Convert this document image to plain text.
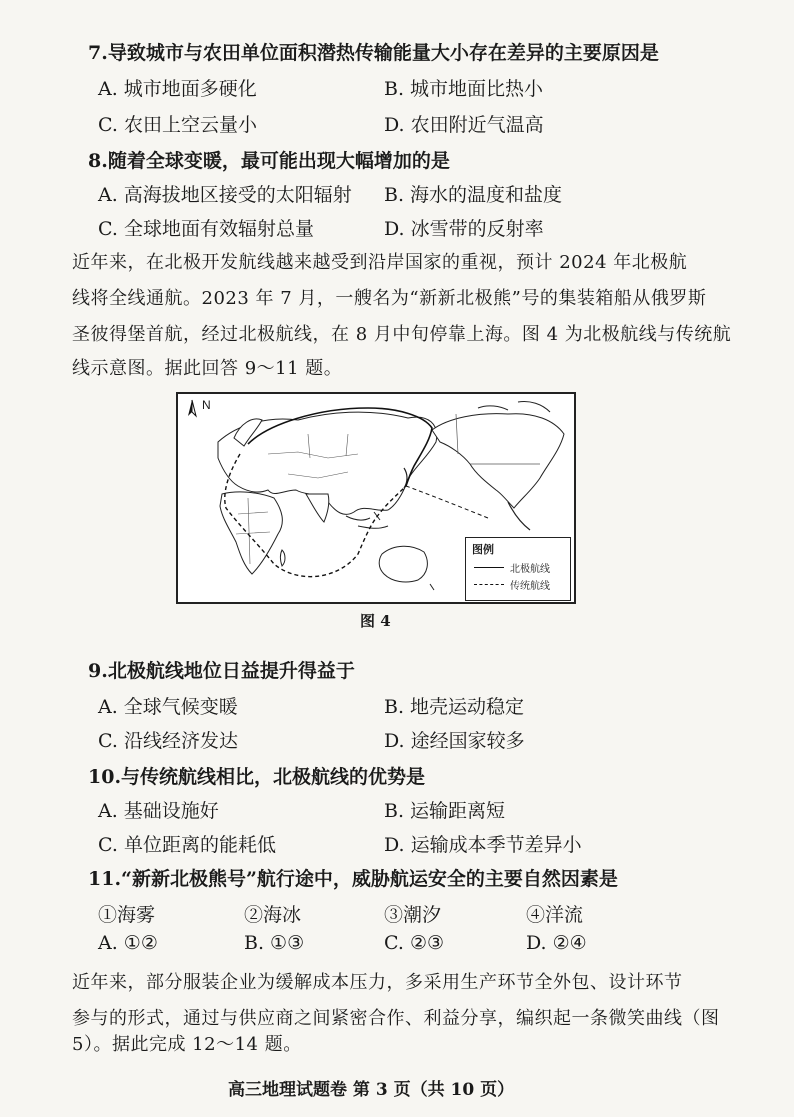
7.导致城市与农田单位面积潜热传输能量大小存在差异的主要原因是
A. 城市地面多硬化	B. 城市地面比热小
C. 农田上空云量小	D. 农田附近气温高
8.随着全球变暖，最可能出现大幅增加的是
A. 高海拔地区接受的太阳辐射 B. 海水的温度和盐度
C. 全球地面有效辐射总量	D. 冰雪带的反射率
近年来，在北极开发航线越来越受到沿岸国家的重视，预计 2024 年北极航
线将全线通航。2023 年 7 月，一艘名为“新新北极熊”号的集装箱船从俄罗斯
圣彼得堡首航，经过北极航线，在 8 月中旬停靠上海。图 4 为北极航线与传统航
线示意图。据此回答 9～11 题。
N
图例
北极航线
传统航线
图 4
9.北极航线地位日益提升得益于
A. 全球气候变暖	B. 地壳运动稳定
C. 沿线经济发达	D. 途经国家较多
10.与传统航线相比，北极航线的优势是
A. 基础设施好	B. 运输距离短
C. 单位距离的能耗低	D. 运输成本季节差异小
11.“新新北极熊号”航行途中，威胁航运安全的主要自然因素是
①海雾	②海冰	③潮汐	④洋流
A. ①②	B. ①③	C. ②③	D. ②④
近年来，部分服装企业为缓解成本压力，多采用生产环节全外包、设计环节
参与的形式，通过与供应商之间紧密合作、利益分享，编织起一条微笑曲线（图
5）。据此完成 12～14 题。
高三地理试题卷 第 3 页（共 10 页）
